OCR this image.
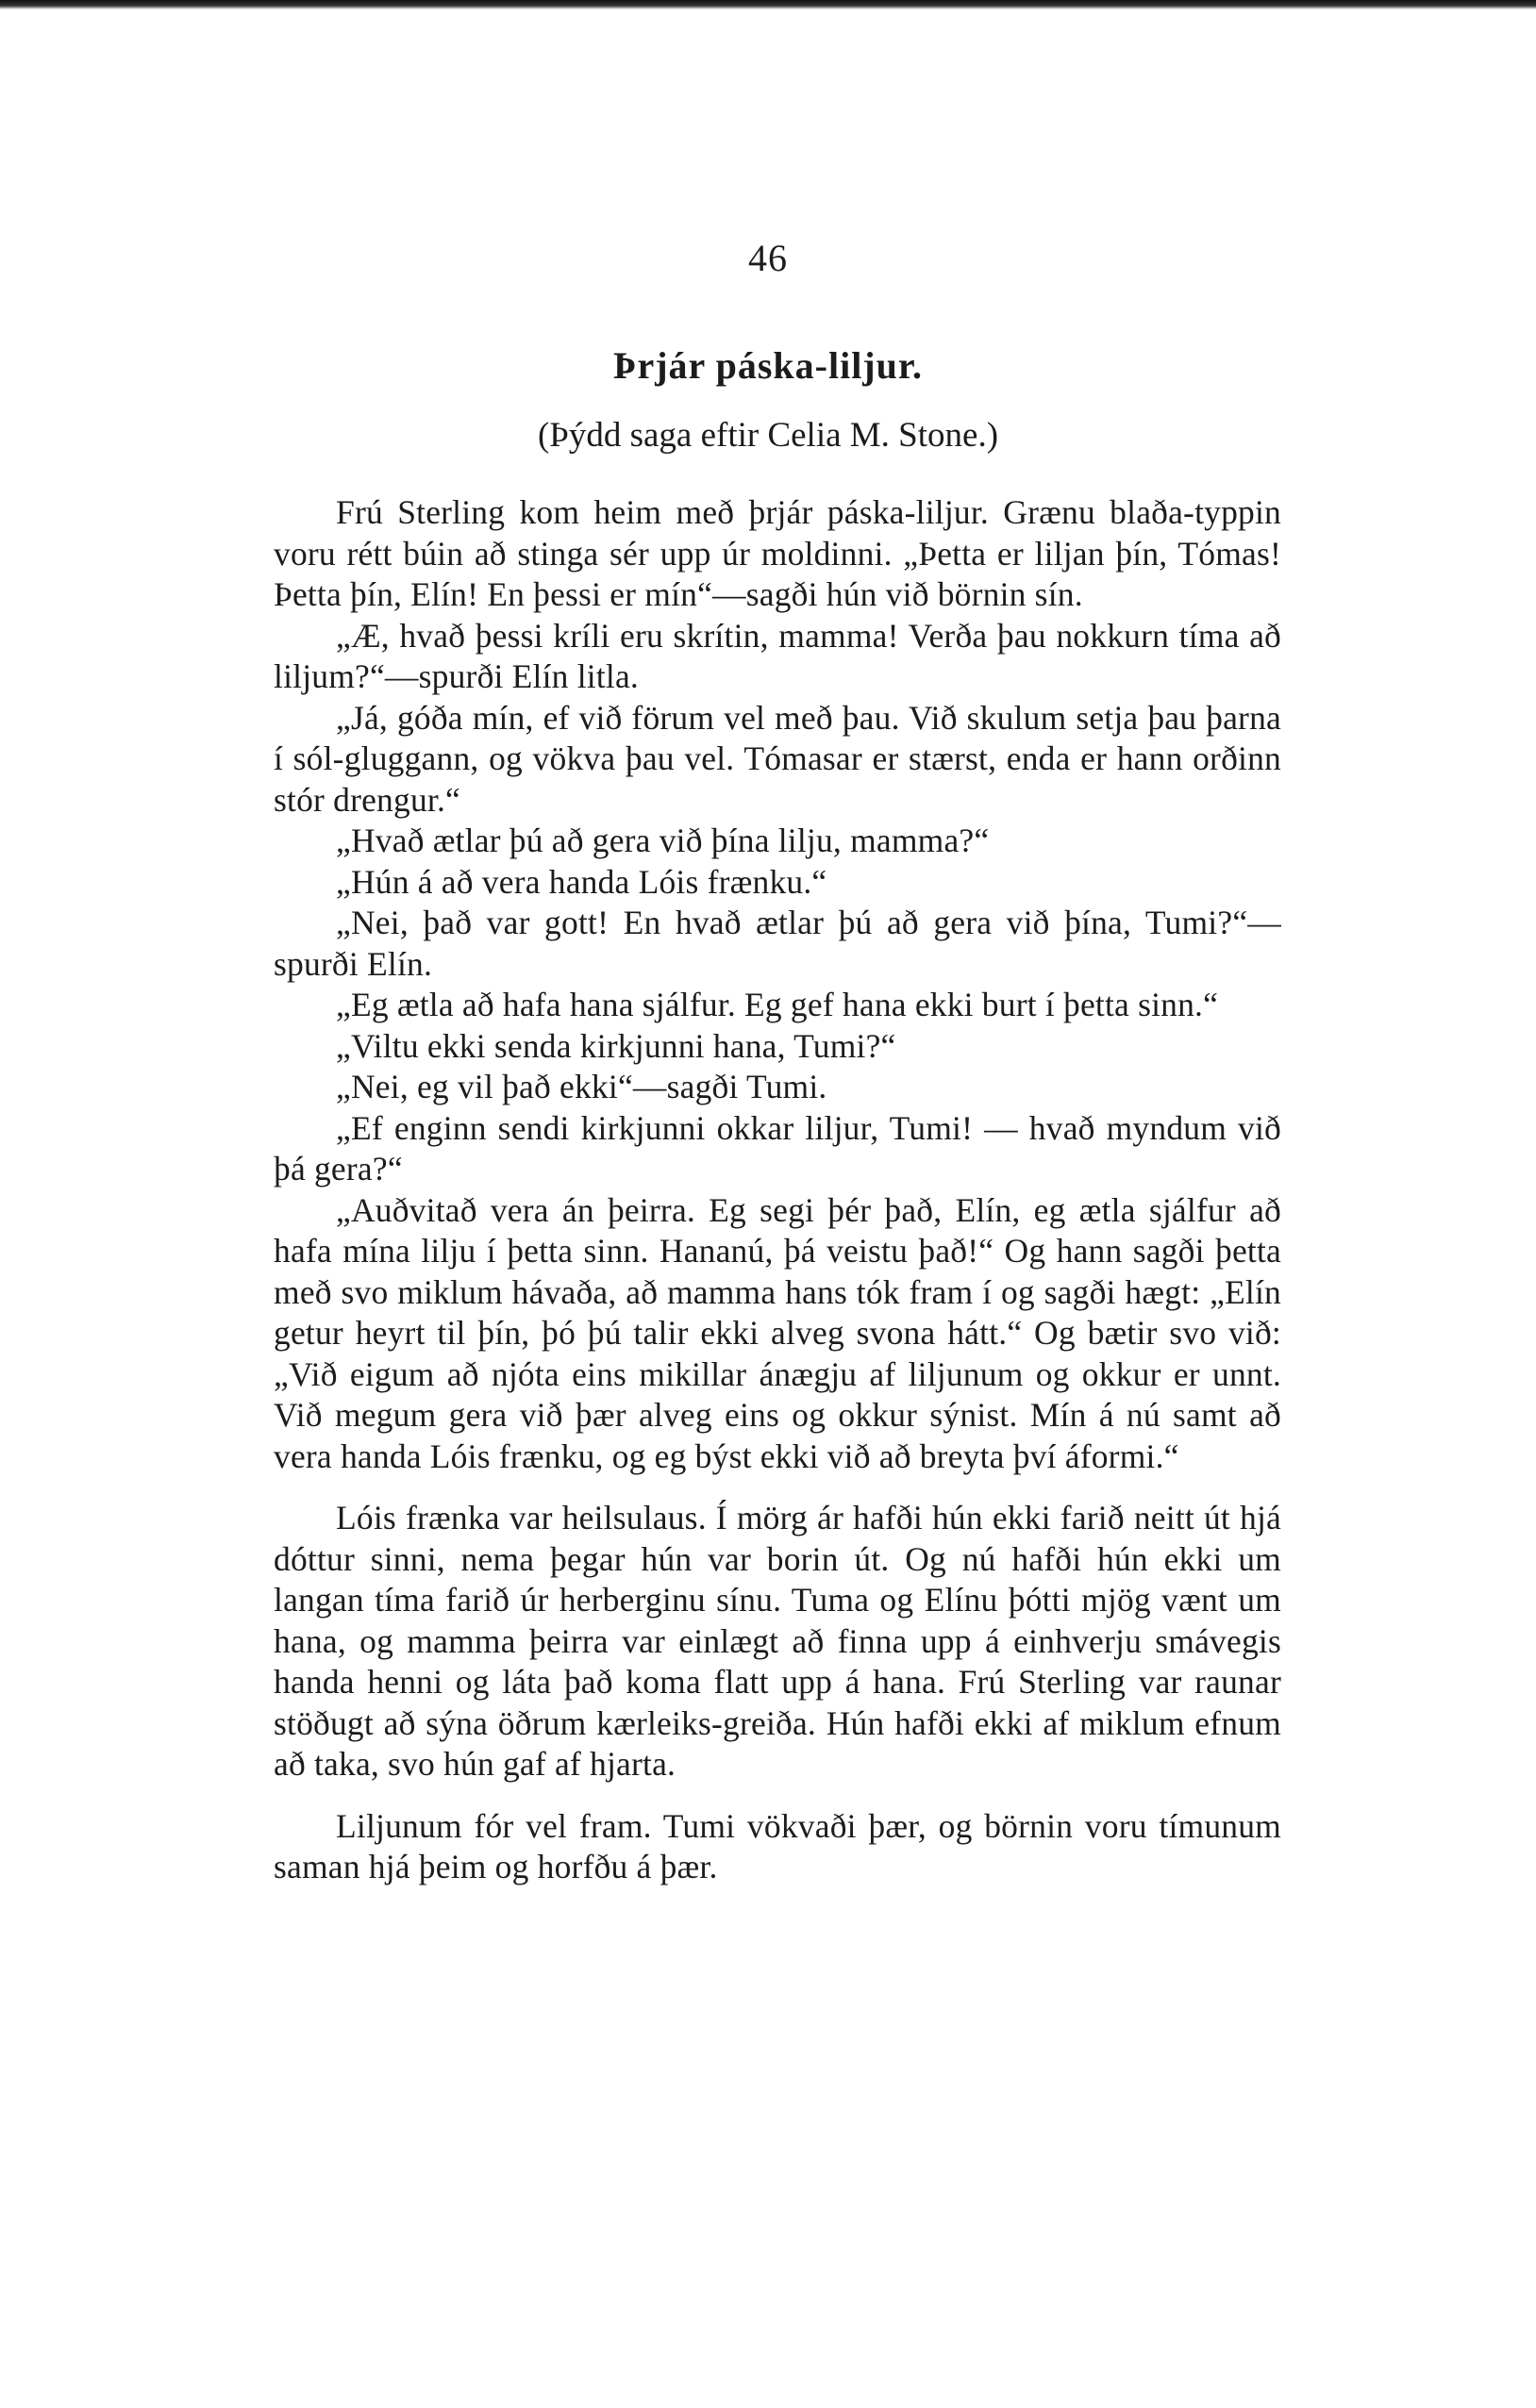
46
Þrjár páska-liljur.
(Þýdd saga eftir Celia M. Stone.)

Frú Sterling kom heim með þrjár páska-liljur. Grænu blaða-typpin voru rétt búin að stinga sér upp úr moldinni. „Þetta er liljan þín, Tómas! Þetta þín, Elín! En þessi er mín“—sagði hún við börnin sín.

„Æ, hvað þessi kríli eru skrítin, mamma! Verða þau nokkurn tíma að liljum?“—spurði Elín litla.

„Já, góða mín, ef við förum vel með þau. Við skulum setja þau þarna í sól-gluggann, og vökva þau vel. Tómasar er stærst, enda er hann orðinn stór drengur.“

„Hvað ætlar þú að gera við þína lilju, mamma?“

„Hún á að vera handa Lóis frænku.“

„Nei, það var gott! En hvað ætlar þú að gera við þína, Tumi?“—spurði Elín.

„Eg ætla að hafa hana sjálfur. Eg gef hana ekki burt í þetta sinn.“

„Viltu ekki senda kirkjunni hana, Tumi?“

„Nei, eg vil það ekki“—sagði Tumi.

„Ef enginn sendi kirkjunni okkar liljur, Tumi! — hvað myndum við þá gera?“

„Auðvitað vera án þeirra. Eg segi þér það, Elín, eg ætla sjálfur að hafa mína lilju í þetta sinn. Hananú, þá veistu það!“ Og hann sagði þetta með svo miklum hávaða, að mamma hans tók fram í og sagði hægt: „Elín getur heyrt til þín, þó þú talir ekki alveg svona hátt.“ Og bætir svo við: „Við eigum að njóta eins mikillar ánægju af liljunum og okkur er unnt. Við megum gera við þær alveg eins og okkur sýnist. Mín á nú samt að vera handa Lóis frænku, og eg býst ekki við að breyta því áformi.“

Lóis frænka var heilsulaus. Í mörg ár hafði hún ekki farið neitt út hjá dóttur sinni, nema þegar hún var borin út. Og nú hafði hún ekki um langan tíma farið úr herberginu sínu. Tuma og Elínu þótti mjög vænt um hana, og mamma þeirra var einlægt að finna upp á einhverju smávegis handa henni og láta það koma flatt upp á hana. Frú Sterling var raunar stöðugt að sýna öðrum kærleiks-greiða. Hún hafði ekki af miklum efnum að taka, svo hún gaf af hjarta.

Liljunum fór vel fram. Tumi vökvaði þær, og börnin voru tímunum saman hjá þeim og horfðu á þær.
